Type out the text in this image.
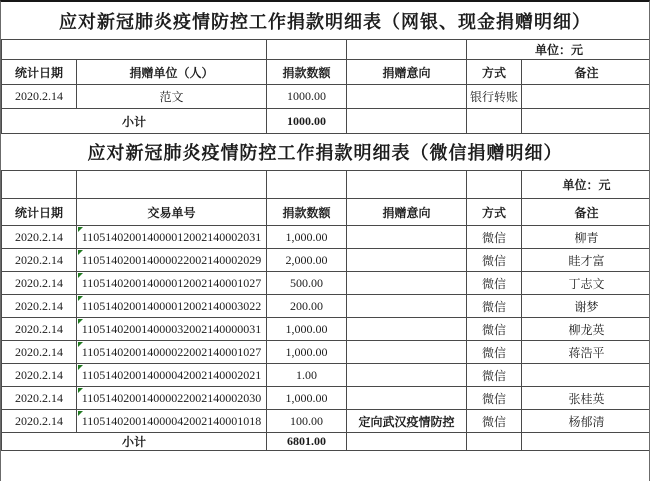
应对新冠肺炎疫情防控工作捐款明细表（网银、现金捐赠明细）
				单位：元	
统计日期	捐赠单位（人）	捐款数额	捐赠意向	方式	备注
2020.2.14	范文	1000.00		银行转账	
小计		1000.00			
应对新冠肺炎疫情防控工作捐款明细表（微信捐赠明细）
					单位：元
统计日期	交易单号	捐款数额	捐赠意向	方式	备注
2020.2.14	110514020014000012002140002031	1,000.00		微信	柳青
2020.2.14	110514020014000022002140002029	2,000.00		微信	眭才富
2020.2.14	110514020014000012002140001027	500.00		微信	丁志文
2020.2.14	110514020014000012002140003022	200.00		微信	谢梦
2020.2.14	110514020014000032002140000031	1,000.00		微信	柳龙英
2020.2.14	110514020014000022002140001027	1,000.00		微信	蒋浩平
2020.2.14	110514020014000042002140002021	1.00		微信	
2020.2.14	110514020014000022002140002030	1,000.00		微信	张桂英
2020.2.14	110514020014000042002140001018	100.00	定向武汉疫情防控	微信	杨郁清
小计		6801.00			
